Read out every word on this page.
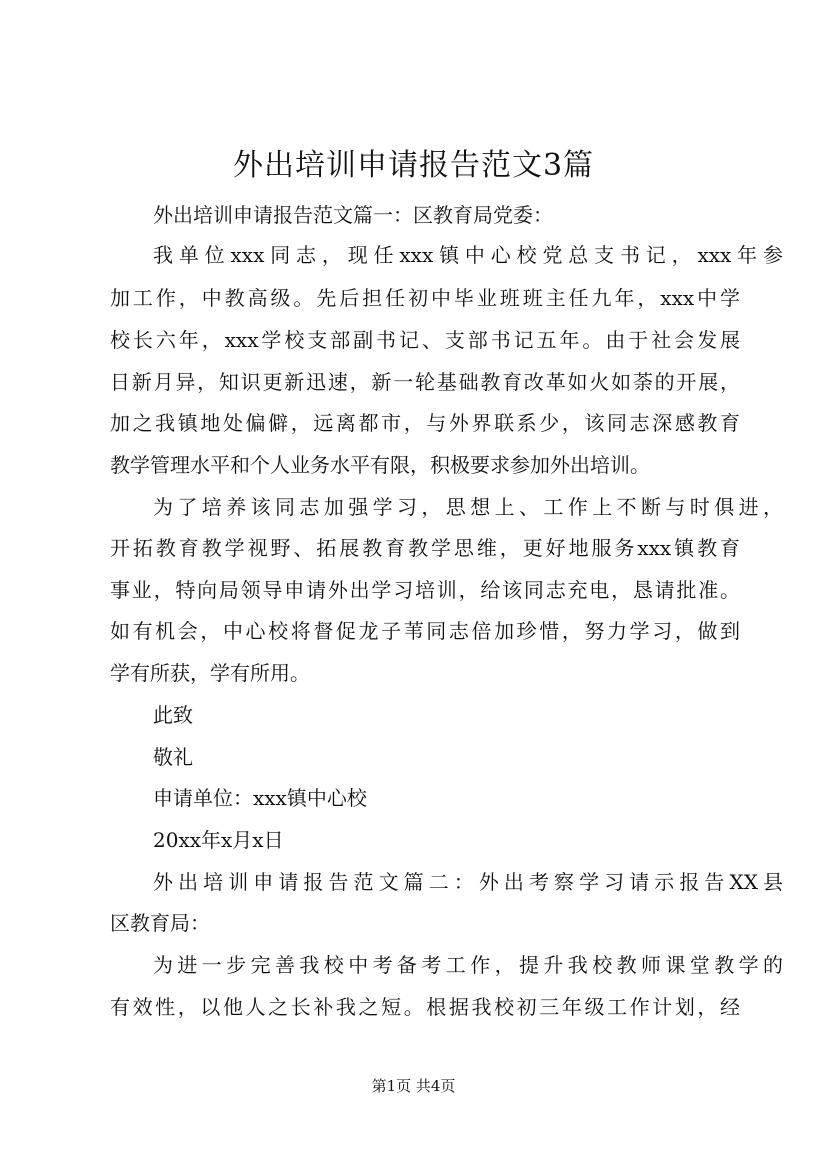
外出培训申请报告范文3篇
外出培训申请报告范文篇一：区教育局党委：
我单位xxx同志，现任xxx镇中心校党总支书记，xxx年参
加工作，中教高级。先后担任初中毕业班班主任九年，xxx中学
校长六年，xxx学校支部副书记、支部书记五年。由于社会发展
日新月异，知识更新迅速，新一轮基础教育改革如火如荼的开展，
加之我镇地处偏僻，远离都市，与外界联系少，该同志深感教育
教学管理水平和个人业务水平有限，积极要求参加外出培训。
为了培养该同志加强学习，思想上、工作上不断与时俱进，
开拓教育教学视野、拓展教育教学思维，更好地服务xxx镇教育
事业，特向局领导申请外出学习培训，给该同志充电，恳请批准。
如有机会，中心校将督促龙子苇同志倍加珍惜，努力学习，做到
学有所获，学有所用。
此致
敬礼
申请单位：xxx镇中心校
20xx年x月x日
外出培训申请报告范文篇二：外出考察学习请示报告XX县
区教育局：
为进一步完善我校中考备考工作，提升我校教师课堂教学的
有效性，以他人之长补我之短。根据我校初三年级工作计划，经
第1页 共4页
